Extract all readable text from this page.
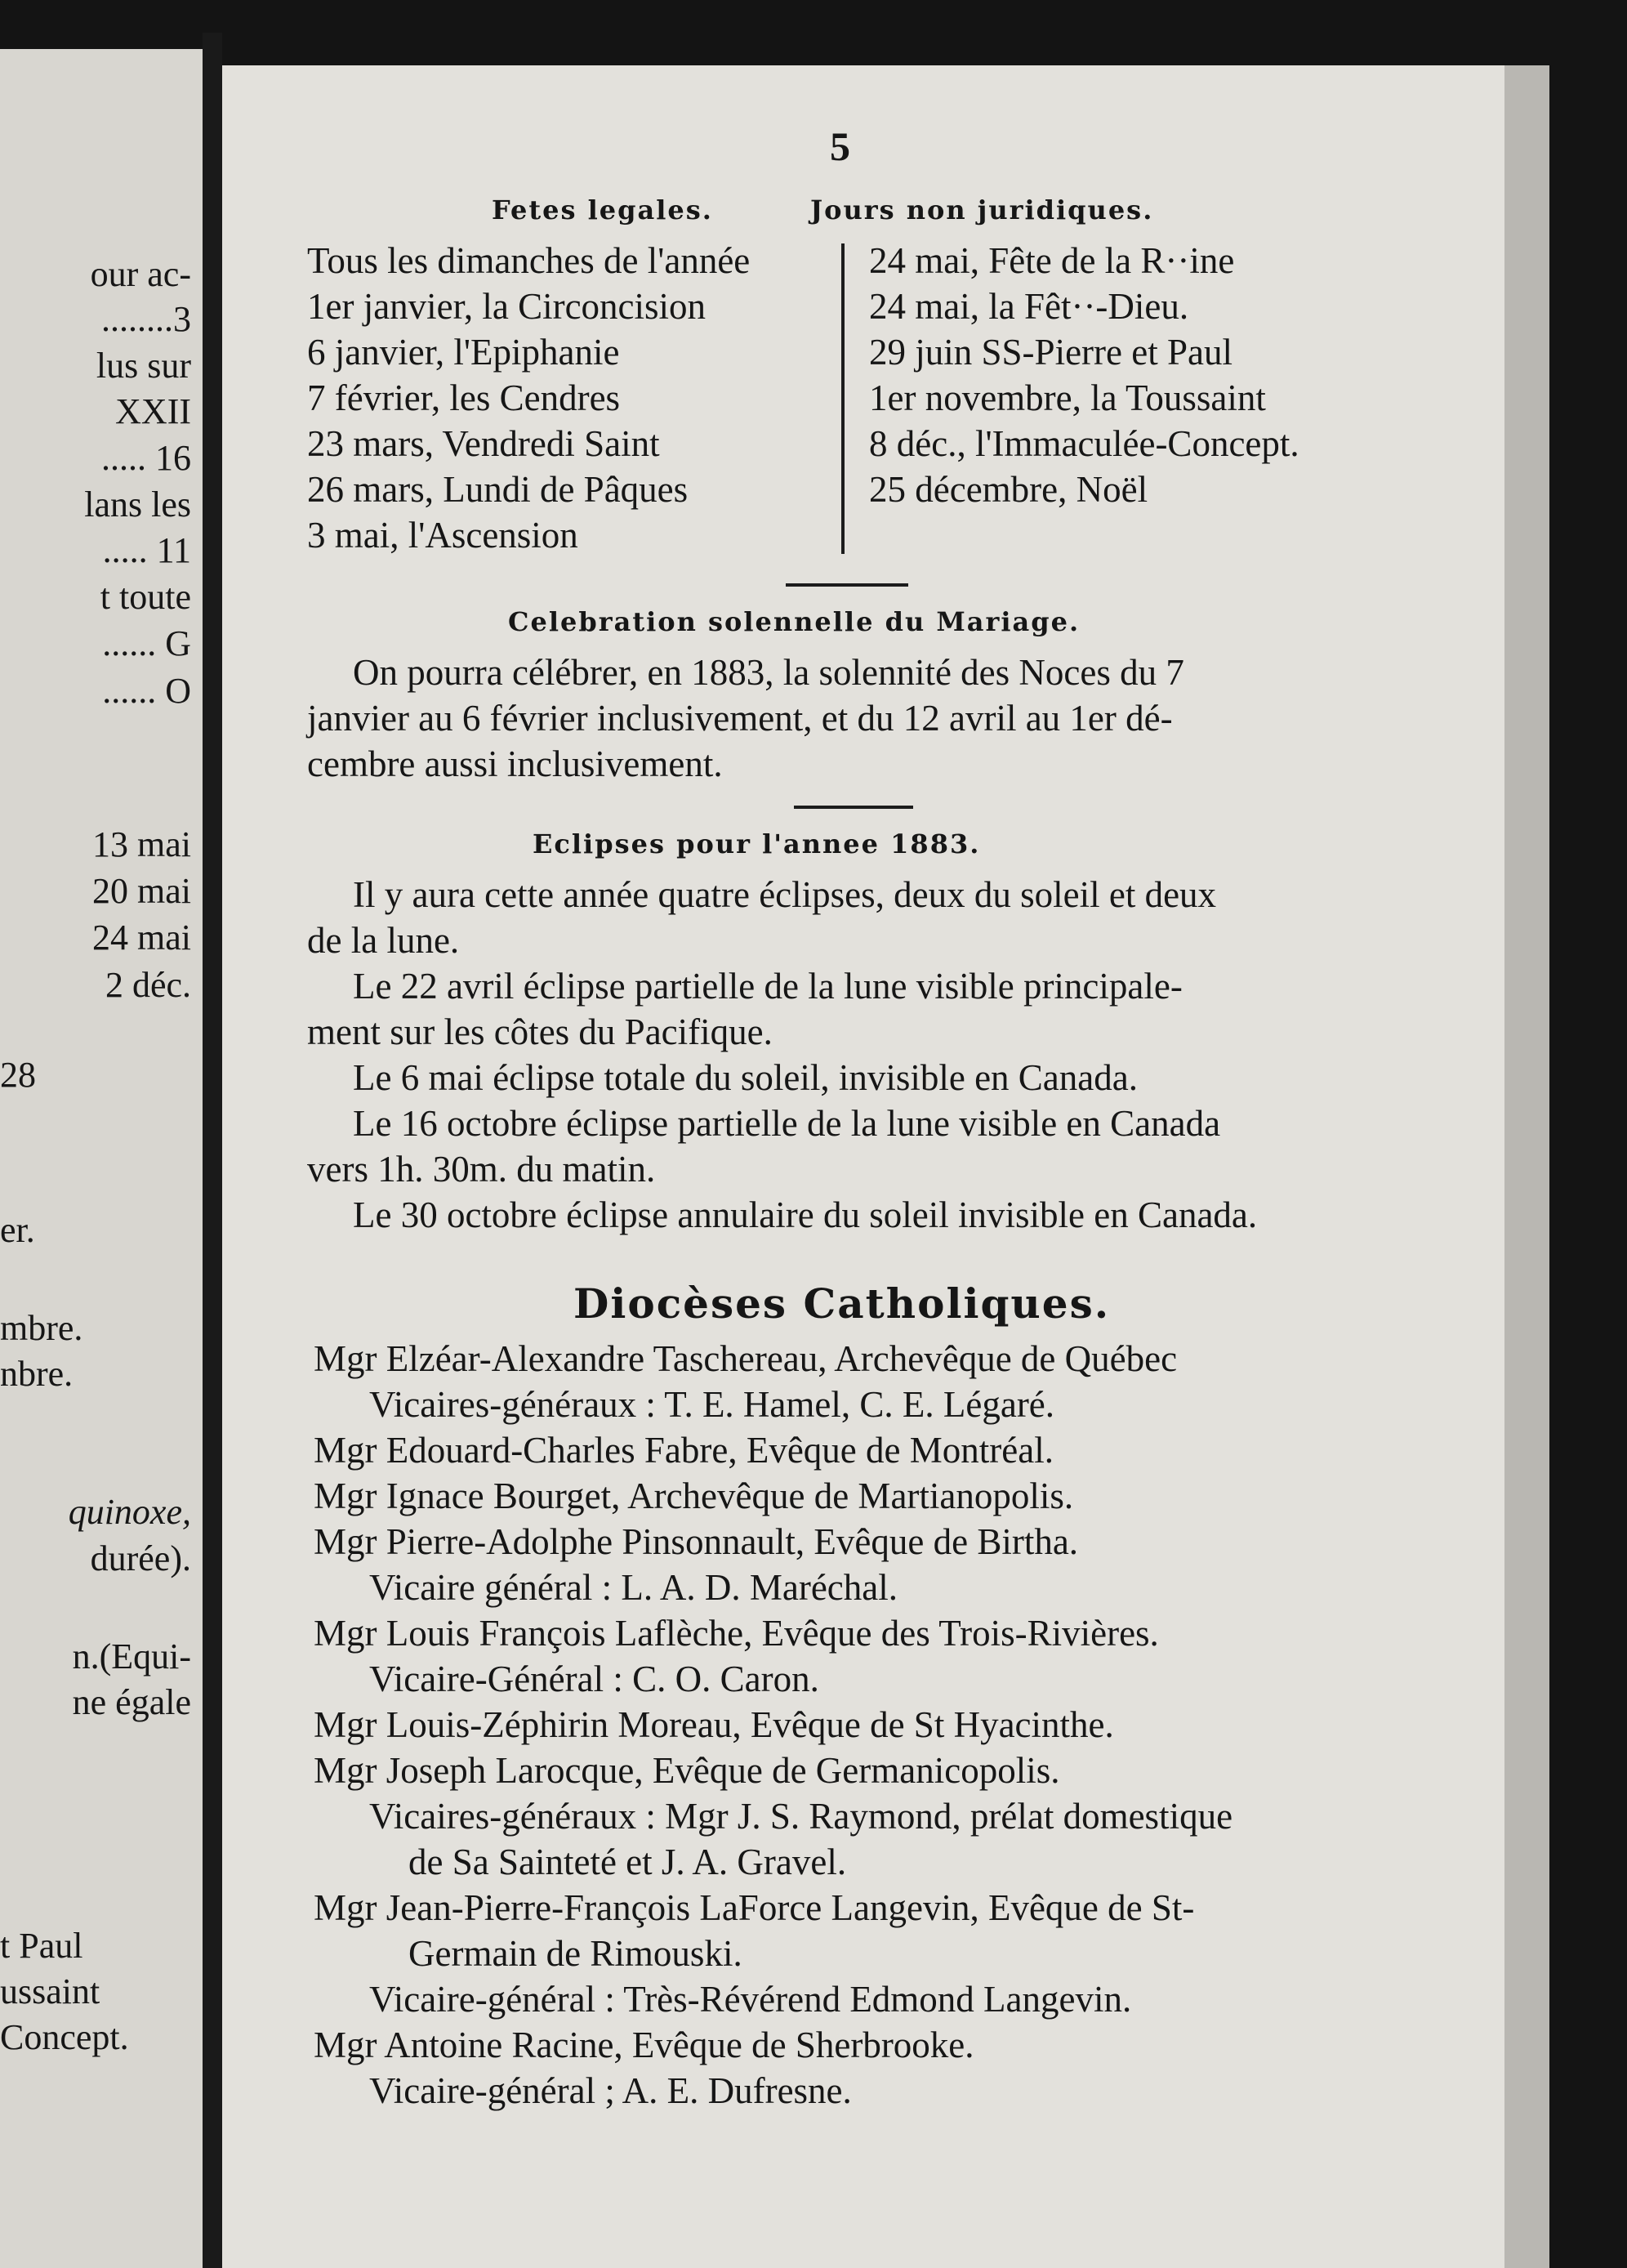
our ac-
........3
lus sur
XXII
..... 16
lans les
..... 11
t toute
...... G
...... O
13 mai
20 mai
24 mai
2 déc.
28
er.
mbre.
nbre.
quinoxe,
durée).
n.(Equi-
ne égale
t Paul
ussaint
Concept.
5
Fetes legales.	Jours non juridiques.
Tous les dimanches de l'année
1er janvier, la Circoncision
6 janvier, l'Epiphanie
7 février, les Cendres
23 mars, Vendredi Saint
26 mars, Lundi de Pâques
3 mai, l'Ascension
24 mai, Fête de la R··ine
24 mai, la Fêt··-Dieu.
29 juin SS-Pierre et Paul
1er novembre, la Toussaint
8 déc., l'Immaculée-Concept.
25 décembre, Noël
Celebration solennelle du Mariage.
On pourra célébrer, en 1883, la solennité des Noces du 7
janvier au 6 février inclusivement, et du 12 avril au 1er dé-
cembre aussi inclusivement.
Eclipses pour l'annee 1883.
Il y aura cette année quatre éclipses, deux du soleil et deux
de la lune.
Le 22 avril éclipse partielle de la lune visible principale-
ment sur les côtes du Pacifique.
Le 6 mai éclipse totale du soleil, invisible en Canada.
Le 16 octobre éclipse partielle de la lune visible en Canada
vers 1h. 30m. du matin.
Le 30 octobre éclipse annulaire du soleil invisible en Canada.
Diocèses Catholiques.
Mgr Elzéar-Alexandre Taschereau, Archevêque de Québec
Vicaires-généraux : T. E. Hamel, C. E. Légaré.
Mgr Edouard-Charles Fabre, Evêque de Montréal.
Mgr Ignace Bourget, Archevêque de Martianopolis.
Mgr Pierre-Adolphe Pinsonnault, Evêque de Birtha.
Vicaire général : L. A. D. Maréchal.
Mgr Louis François Laflèche, Evêque des Trois-Rivières.
Vicaire-Général : C. O. Caron.
Mgr Louis-Zéphirin Moreau, Evêque de St Hyacinthe.
Mgr Joseph Larocque, Evêque de Germanicopolis.
Vicaires-généraux : Mgr J. S. Raymond, prélat domestique
de Sa Sainteté et J. A. Gravel.
Mgr Jean-Pierre-François LaForce Langevin, Evêque de St-
Germain de Rimouski.
Vicaire-général : Très-Révérend Edmond Langevin.
Mgr Antoine Racine, Evêque de Sherbrooke.
Vicaire-général ; A. E. Dufresne.
